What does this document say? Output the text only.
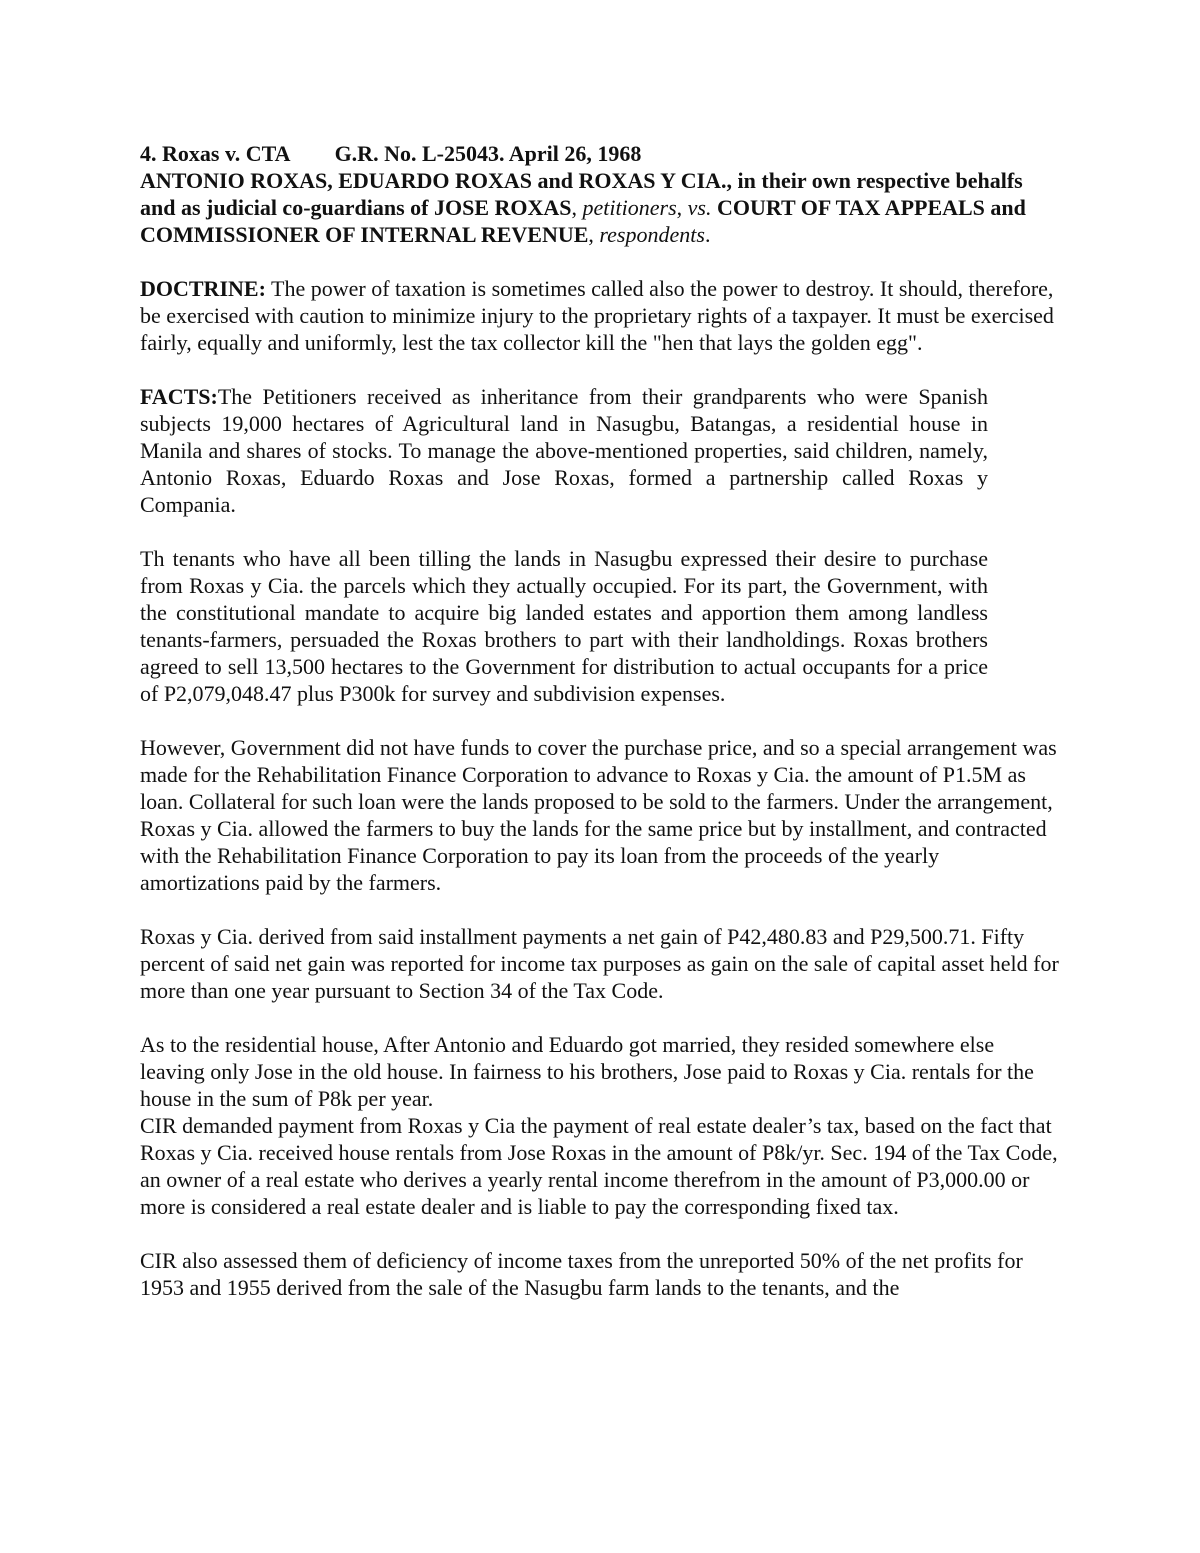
4. Roxas v. CTA G.R. No. L-25043. April 26, 1968

ANTONIO ROXAS, EDUARDO ROXAS and ROXAS Y CIA., in their own respective behalfs and as judicial co-guardians of JOSE ROXAS, petitioners, vs. COURT OF TAX APPEALS and COMMISSIONER OF INTERNAL REVENUE, respondents.

DOCTRINE: The power of taxation is sometimes called also the power to destroy. It should, therefore, be exercised with caution to minimize injury to the proprietary rights of a taxpayer. It must be exercised fairly, equally and uniformly, lest the tax collector kill the "hen that lays the golden egg".

FACTS:The Petitioners received as inheritance from their grandparents who were Spanish subjects 19,000 hectares of Agricultural land in Nasugbu, Batangas, a residential house in Manila and shares of stocks. To manage the above-mentioned properties, said children, namely, Antonio Roxas, Eduardo Roxas and Jose Roxas, formed a partnership called Roxas y Compania.

Th tenants who have all been tilling the lands in Nasugbu expressed their desire to purchase from Roxas y Cia. the parcels which they actually occupied. For its part, the Government, with the constitutional mandate to acquire big landed estates and apportion them among landless tenants-farmers, persuaded the Roxas brothers to part with their landholdings. Roxas brothers agreed to sell 13,500 hectares to the Government for distribution to actual occupants for a price of P2,079,048.47 plus P300k for survey and subdivision expenses.

However, Government did not have funds to cover the purchase price, and so a special arrangement was made for the Rehabilitation Finance Corporation to advance to Roxas y Cia. the amount of P1.5M as loan. Collateral for such loan were the lands proposed to be sold to the farmers. Under the arrangement, Roxas y Cia. allowed the farmers to buy the lands for the same price but by installment, and contracted with the Rehabilitation Finance Corporation to pay its loan from the proceeds of the yearly amortizations paid by the farmers.

Roxas y Cia. derived from said installment payments a net gain of P42,480.83 and P29,500.71. Fifty percent of said net gain was reported for income tax purposes as gain on the sale of capital asset held for more than one year pursuant to Section 34 of the Tax Code.

As to the residential house, After Antonio and Eduardo got married, they resided somewhere else leaving only Jose in the old house. In fairness to his brothers, Jose paid to Roxas y Cia. rentals for the house in the sum of P8k per year.

CIR demanded payment from Roxas y Cia the payment of real estate dealer’s tax, based on the fact that Roxas y Cia. received house rentals from Jose Roxas in the amount of P8k/yr. Sec. 194 of the Tax Code, an owner of a real estate who derives a yearly rental income therefrom in the amount of P3,000.00 or more is considered a real estate dealer and is liable to pay the corresponding fixed tax.

CIR also assessed them of deficiency of income taxes from the unreported 50% of the net profits for 1953 and 1955 derived from the sale of the Nasugbu farm lands to the tenants, and the
